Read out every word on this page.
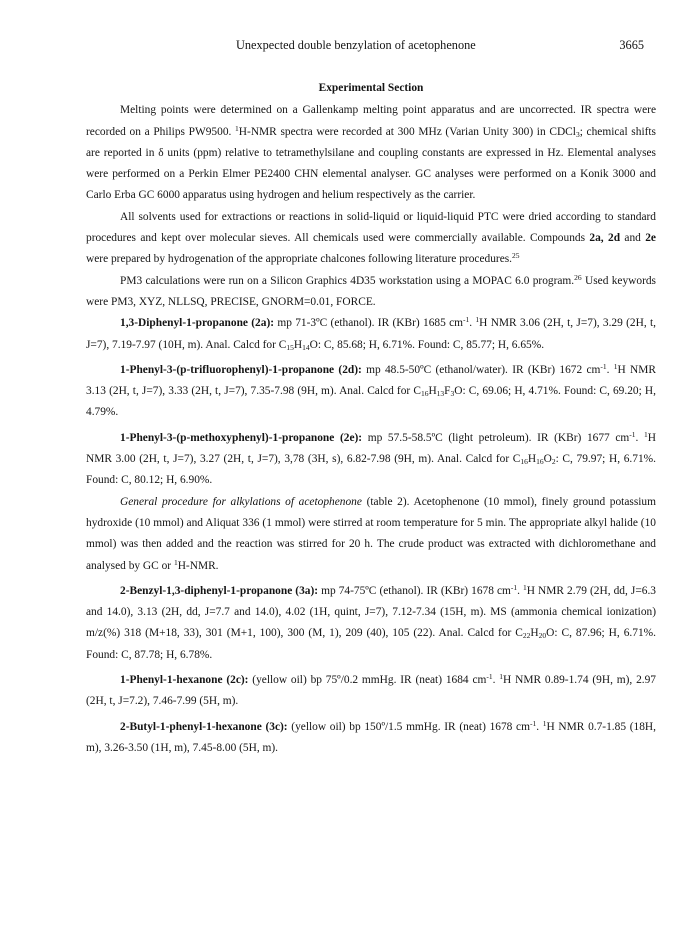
Unexpected double benzylation of acetophenone	3665
Experimental Section

Melting points were determined on a Gallenkamp melting point apparatus and are uncorrected. IR spectra were recorded on a Philips PW9500. $^1$H-NMR spectra were recorded at 300 MHz (Varian Unity 300) in CDCl$_3$; chemical shifts are reported in δ units (ppm) relative to tetramethylsilane and coupling constants are expressed in Hz. Elemental analyses were performed on a Perkin Elmer PE2400 CHN elemental analyser. GC analyses were performed on a Konik 3000 and Carlo Erba GC 6000 apparatus using hydrogen and helium respectively as the carrier.

All solvents used for extractions or reactions in solid-liquid or liquid-liquid PTC were dried according to standard procedures and kept over molecular sieves. All chemicals used were commercially available. Compounds 2a, 2d and 2e were prepared by hydrogenation of the appropriate chalcones following literature procedures.$^{25}$

PM3 calculations were run on a Silicon Graphics 4D35 workstation using a MOPAC 6.0 program.$^{26}$ Used keywords were PM3, XYZ, NLLSQ, PRECISE, GNORM=0.01, FORCE.

1,3-Diphenyl-1-propanone (2a): mp 71-3ºC (ethanol). IR (KBr) 1685 $cm^{-1}$. $^1$H NMR 3.06 (2H, t, J=7), 3.29 (2H, t, J=7), 7.19-7.97 (10H, m). Anal. Calcd for $C_{15}H_{14}O$: C, 85.68; H, 6.71%. Found: C, 85.77; H, 6.65%.

1-Phenyl-3-(p-trifluorophenyl)-1-propanone (2d): mp 48.5-50ºC (ethanol/water). IR (KBr) 1672 $cm^{-1}$. $^1$H NMR 3.13 (2H, t, J=7), 3.33 (2H, t, J=7), 7.35-7.98 (9H, m). Anal. Calcd for $C_{16}H_{13}F_3O$: C, 69.06; H, 4.71%. Found: C, 69.20; H, 4.79%.

1-Phenyl-3-(p-methoxyphenyl)-1-propanone (2e): mp 57.5-58.5ºC (light petroleum). IR (KBr) 1677 $cm^{-1}$. $^1$H NMR 3.00 (2H, t, J=7), 3.27 (2H, t, J=7), 3,78 (3H, s), 6.82-7.98 (9H, m). Anal. Calcd for $C_{16}H_{16}O_2$: C, 79.97; H, 6.71%. Found: C, 80.12; H, 6.90%.

General procedure for alkylations of acetophenone (table 2). Acetophenone (10 mmol), finely ground potassium hydroxide (10 mmol) and Aliquat 336 (1 mmol) were stirred at room temperature for 5 min. The appropriate alkyl halide (10 mmol) was then added and the reaction was stirred for 20 h. The crude product was extracted with dichloromethane and analysed by GC or $^1$H-NMR.

2-Benzyl-1,3-diphenyl-1-propanone (3a): mp 74-75ºC (ethanol). IR (KBr) 1678 $cm^{-1}$. $^1$H NMR 2.79 (2H, dd, J=6.3 and 14.0), 3.13 (2H, dd, J=7.7 and 14.0), 4.02 (1H, quint, J=7), 7.12-7.34 (15H, m). MS (ammonia chemical ionization) m/z(%) 318 (M+18, 33), 301 (M+1, 100), 300 (M, 1), 209 (40), 105 (22). Anal. Calcd for $C_{22}H_{20}O$: C, 87.96; H, 6.71%. Found: C, 87.78; H, 6.78%.

1-Phenyl-1-hexanone (2c): (yellow oil) bp 75º/0.2 mmHg. IR (neat) 1684 $cm^{-1}$. $^1$H NMR 0.89-1.74 (9H, m), 2.97 (2H, t, J=7.2), 7.46-7.99 (5H, m).

2-Butyl-1-phenyl-1-hexanone (3c): (yellow oil) bp 150º/1.5 mmHg. IR (neat) 1678 $cm^{-1}$. $^1$H NMR 0.7-1.85 (18H, m), 3.26-3.50 (1H, m), 7.45-8.00 (5H, m).
